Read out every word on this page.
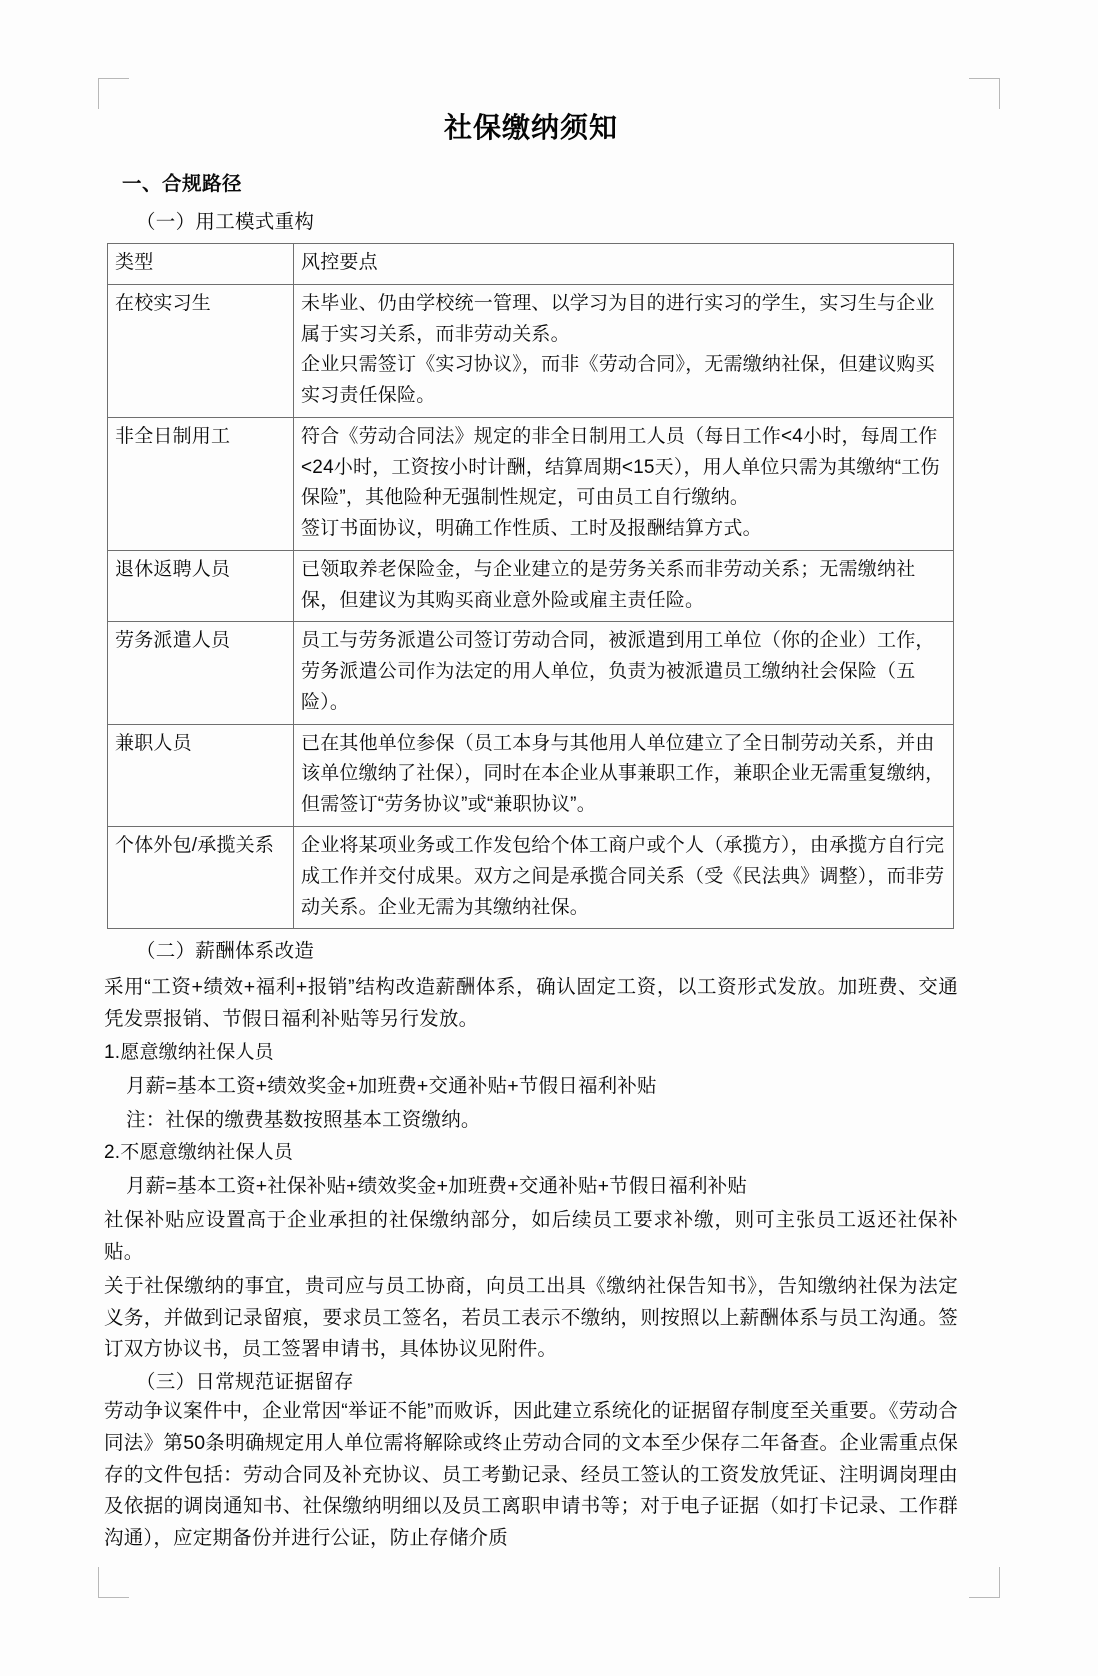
社保缴纳须知
一、合规路径
（一）用工模式重构
类型	风控要点
在校实习生	未毕业、仍由学校统一管理、以学习为目的进行实习的学生，实习生与企业属于实习关系，而非劳动关系。
企业只需签订《实习协议》，而非《劳动合同》，无需缴纳社保，但建议购买实习责任保险。
非全日制用工	符合《劳动合同法》规定的非全日制用工人员（每日工作<4小时，每周工作<24小时，工资按小时计酬，结算周期<15天），用人单位只需为其缴纳“工伤保险”，其他险种无强制性规定，可由员工自行缴纳。
签订书面协议，明确工作性质、工时及报酬结算方式。
退休返聘人员	已领取养老保险金，与企业建立的是劳务关系而非劳动关系；无需缴纳社保，但建议为其购买商业意外险或雇主责任险。
劳务派遣人员	员工与劳务派遣公司签订劳动合同，被派遣到用工单位（你的企业）工作，劳务派遣公司作为法定的用人单位，负责为被派遣员工缴纳社会保险（五险）。
兼职人员	已在其他单位参保（员工本身与其他用人单位建立了全日制劳动关系，并由该单位缴纳了社保），同时在本企业从事兼职工作，兼职企业无需重复缴纳，但需签订“劳务协议”或“兼职协议”。
个体外包/承揽关系	企业将某项业务或工作发包给个体工商户或个人（承揽方），由承揽方自行完成工作并交付成果。双方之间是承揽合同关系（受《民法典》调整），而非劳动关系。企业无需为其缴纳社保。
（二）薪酬体系改造
采用“工资+绩效+福利+报销”结构改造薪酬体系，确认固定工资，以工资形式发放。加班费、交通凭发票报销、节假日福利补贴等另行发放。
1.愿意缴纳社保人员
月薪=基本工资+绩效奖金+加班费+交通补贴+节假日福利补贴
注：社保的缴费基数按照基本工资缴纳。
2.不愿意缴纳社保人员
月薪=基本工资+社保补贴+绩效奖金+加班费+交通补贴+节假日福利补贴
社保补贴应设置高于企业承担的社保缴纳部分，如后续员工要求补缴，则可主张员工返还社保补贴。
关于社保缴纳的事宜，贵司应与员工协商，向员工出具《缴纳社保告知书》，告知缴纳社保为法定义务，并做到记录留痕，要求员工签名，若员工表示不缴纳，则按照以上薪酬体系与员工沟通。签订双方协议书，员工签署申请书，具体协议见附件。
（三）日常规范证据留存
劳动争议案件中，企业常因“举证不能”而败诉，因此建立系统化的证据留存制度至关重要。《劳动合同法》第50条明确规定用人单位需将解除或终止劳动合同的文本至少保存二年备查。企业需重点保存的文件包括：劳动合同及补充协议、员工考勤记录、经员工签认的工资发放凭证、注明调岗理由及依据的调岗通知书、社保缴纳明细以及员工离职申请书等；对于电子证据（如打卡记录、工作群沟通），应定期备份并进行公证，防止存储介质
